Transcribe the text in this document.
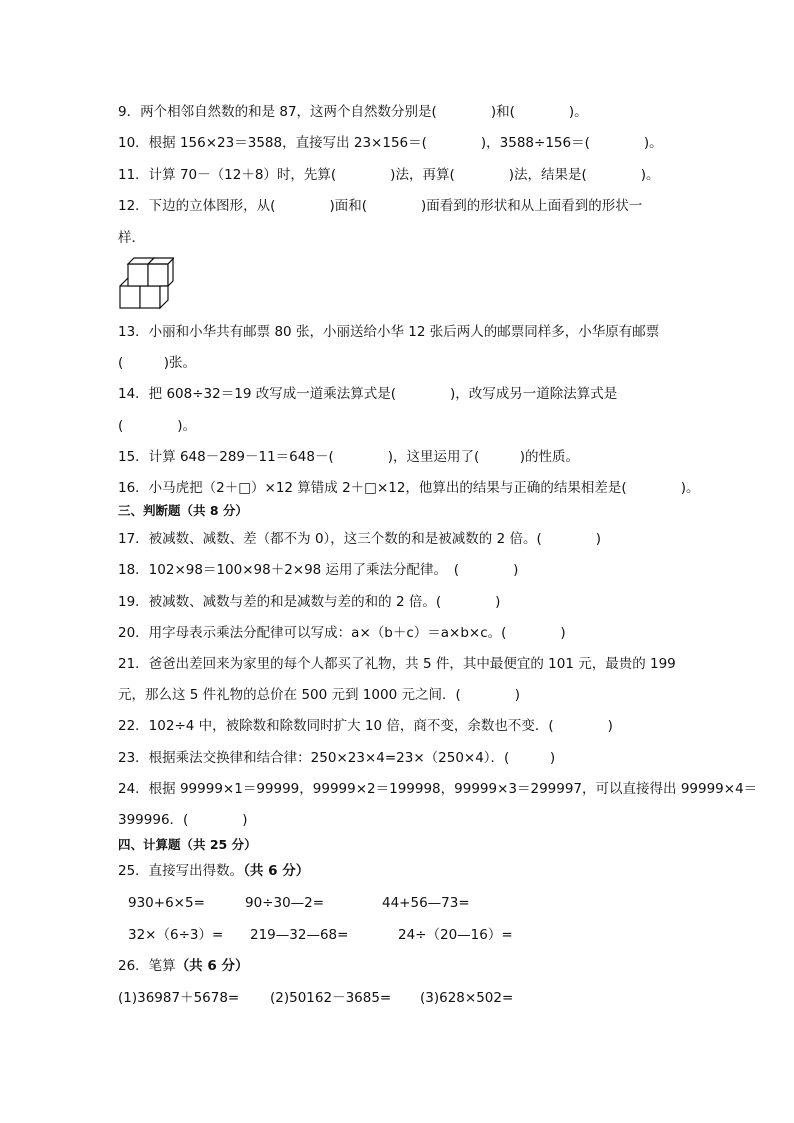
9．两个相邻自然数的和是 87，这两个自然数分别是(　　　　)和(　　　　)。
10．根据 156×23＝3588，直接写出 23×156＝(　　　　)，3588÷156＝(　　　　)。
11．计算 70－（12＋8）时，先算(　　　　)法，再算(　　　　)法，结果是(　　　　)。
12．下边的立体图形，从(　　　　)面和(　　　　)面看到的形状和从上面看到的形状一
样．
13．小丽和小华共有邮票 80 张，小丽送给小华 12 张后两人的邮票同样多，小华原有邮票
(　　　)张。
14．把 608÷32＝19 改写成一道乘法算式是(　　　　)，改写成另一道除法算式是
(　　　　)。
15．计算 648－289－11＝648－(　　　　)，这里运用了(　　　)的性质。
16．小马虎把（2＋□）×12 算错成 2＋□×12，他算出的结果与正确的结果相差是(　　　　)。
三、判断题（共 8 分）
17．被减数、减数、差（都不为 0），这三个数的和是被减数的 2 倍。(　　　　)
18．102×98＝100×98＋2×98 运用了乘法分配律。　(　　　　)
19．被减数、减数与差的和是减数与差的和的 2 倍。(　　　　)
20．用字母表示乘法分配律可以写成：a×（b＋c）＝a×b×c。(　　　　)
21．爸爸出差回来为家里的每个人都买了礼物，共 5 件，其中最便宜的 101 元，最贵的 199
元，那么这 5 件礼物的总价在 500 元到 1000 元之间．(　　　　)
22．102÷4 中，被除数和除数同时扩大 10 倍，商不变，余数也不变．(　　　　)
23．根据乘法交换律和结合律：250×23×4=23×（250×4）．(　　　)
24．根据 99999×1＝99999，99999×2＝199998，99999×3＝299997，可以直接得出 99999×4＝
399996．(　　　　)
四、计算题（共 25 分）
25．直接写出得数。（共 6 分）
930+6×5=	90÷30—2=	44+56—73=
32×（6÷3）= 219—32—68=	24÷（20—16）=
26．笔算（共 6 分）
(1)36987＋5678= (2)50162－3685= (3)628×502=
